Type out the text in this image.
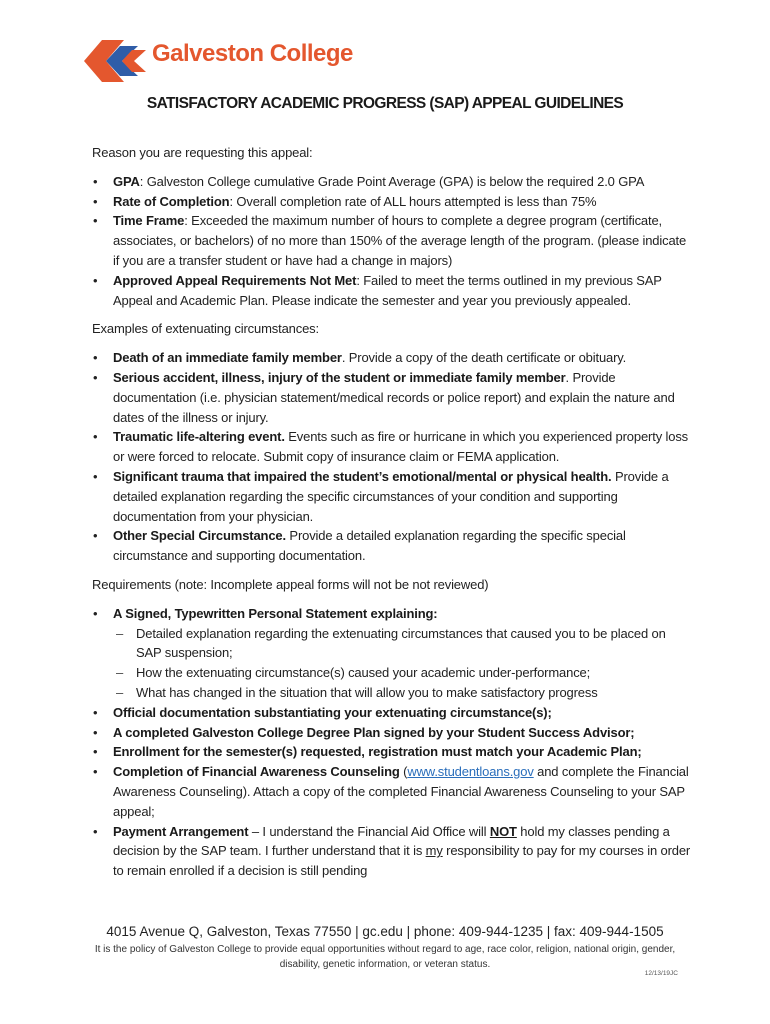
Galveston College
SATISFACTORY ACADEMIC PROGRESS (SAP) APPEAL GUIDELINES
Reason you are requesting this appeal:
• GPA: Galveston College cumulative Grade Point Average (GPA) is below the required 2.0 GPA
• Rate of Completion: Overall completion rate of ALL hours attempted is less than 75%
• Time Frame: Exceeded the maximum number of hours to complete a degree program (certificate, associates, or bachelors) of no more than 150% of the average length of the program. (please indicate if you are a transfer student or have had a change in majors)
• Approved Appeal Requirements Not Met: Failed to meet the terms outlined in my previous SAP Appeal and Academic Plan. Please indicate the semester and year you previously appealed.
Examples of extenuating circumstances:
• Death of an immediate family member. Provide a copy of the death certificate or obituary.
• Serious accident, illness, injury of the student or immediate family member. Provide documentation (i.e. physician statement/medical records or police report) and explain the nature and dates of the illness or injury.
• Traumatic life-altering event. Events such as fire or hurricane in which you experienced property loss or were forced to relocate. Submit copy of insurance claim or FEMA application.
• Significant trauma that impaired the student’s emotional/mental or physical health. Provide a detailed explanation regarding the specific circumstances of your condition and supporting documentation from your physician.
• Other Special Circumstance. Provide a detailed explanation regarding the specific special circumstance and supporting documentation.
Requirements (note: Incomplete appeal forms will not be not reviewed)
• A Signed, Typewritten Personal Statement explaining:
– Detailed explanation regarding the extenuating circumstances that caused you to be placed on SAP suspension;
– How the extenuating circumstance(s) caused your academic under-performance;
– What has changed in the situation that will allow you to make satisfactory progress
• Official documentation substantiating your extenuating circumstance(s);
• A completed Galveston College Degree Plan signed by your Student Success Advisor;
• Enrollment for the semester(s) requested, registration must match your Academic Plan;
• Completion of Financial Awareness Counseling (www.studentloans.gov and complete the Financial Awareness Counseling). Attach a copy of the completed Financial Awareness Counseling to your SAP appeal;
• Payment Arrangement – I understand the Financial Aid Office will NOT hold my classes pending a decision by the SAP team. I further understand that it is my responsibility to pay for my courses in order to remain enrolled if a decision is still pending
4015 Avenue Q, Galveston, Texas 77550 | gc.edu | phone: 409-944-1235 | fax: 409-944-1505
It is the policy of Galveston College to provide equal opportunities without regard to age, race color, religion, national origin, gender, disability, genetic information, or veteran status.
12/13/19JC
